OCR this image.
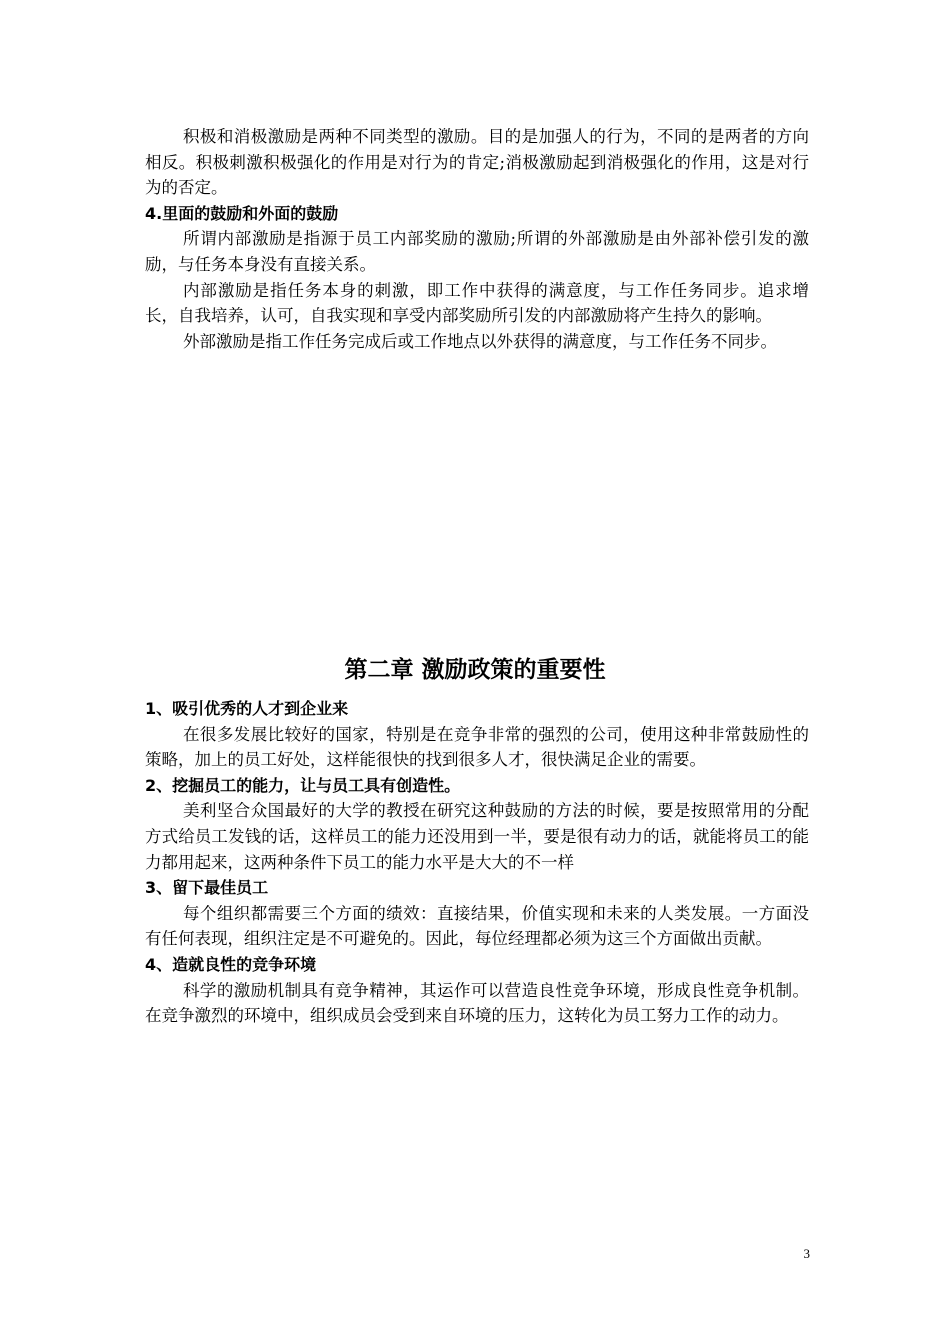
积极和消极激励是两种不同类型的激励。目的是加强人的行为，不同的是两者的方向相反。积极刺激积极强化的作用是对行为的肯定;消极激励起到消极强化的作用，这是对行为的否定。

4.里面的鼓励和外面的鼓励

所谓内部激励是指源于员工内部奖励的激励;所谓的外部激励是由外部补偿引发的激励，与任务本身没有直接关系。

内部激励是指任务本身的刺激，即工作中获得的满意度，与工作任务同步。追求增长，自我培养，认可，自我实现和享受内部奖励所引发的内部激励将产生持久的影响。

外部激励是指工作任务完成后或工作地点以外获得的满意度，与工作任务不同步。

第二章 激励政策的重要性

1、吸引优秀的人才到企业来

在很多发展比较好的国家，特别是在竞争非常的强烈的公司，使用这种非常鼓励性的策略，加上的员工好处，这样能很快的找到很多人才，很快满足企业的需要。

2、挖掘员工的能力，让与员工具有创造性。

美利坚合众国最好的大学的教授在研究这种鼓励的方法的时候，要是按照常用的分配方式给员工发钱的话，这样员工的能力还没用到一半，要是很有动力的话，就能将员工的能力都用起来，这两种条件下员工的能力水平是大大的不一样

3、留下最佳员工

每个组织都需要三个方面的绩效：直接结果，价值实现和未来的人类发展。一方面没有任何表现，组织注定是不可避免的。因此，每位经理都必须为这三个方面做出贡献。

4、造就良性的竞争环境

科学的激励机制具有竞争精神，其运作可以营造良性竞争环境，形成良性竞争机制。在竞争激烈的环境中，组织成员会受到来自环境的压力，这转化为员工努力工作的动力。

3
